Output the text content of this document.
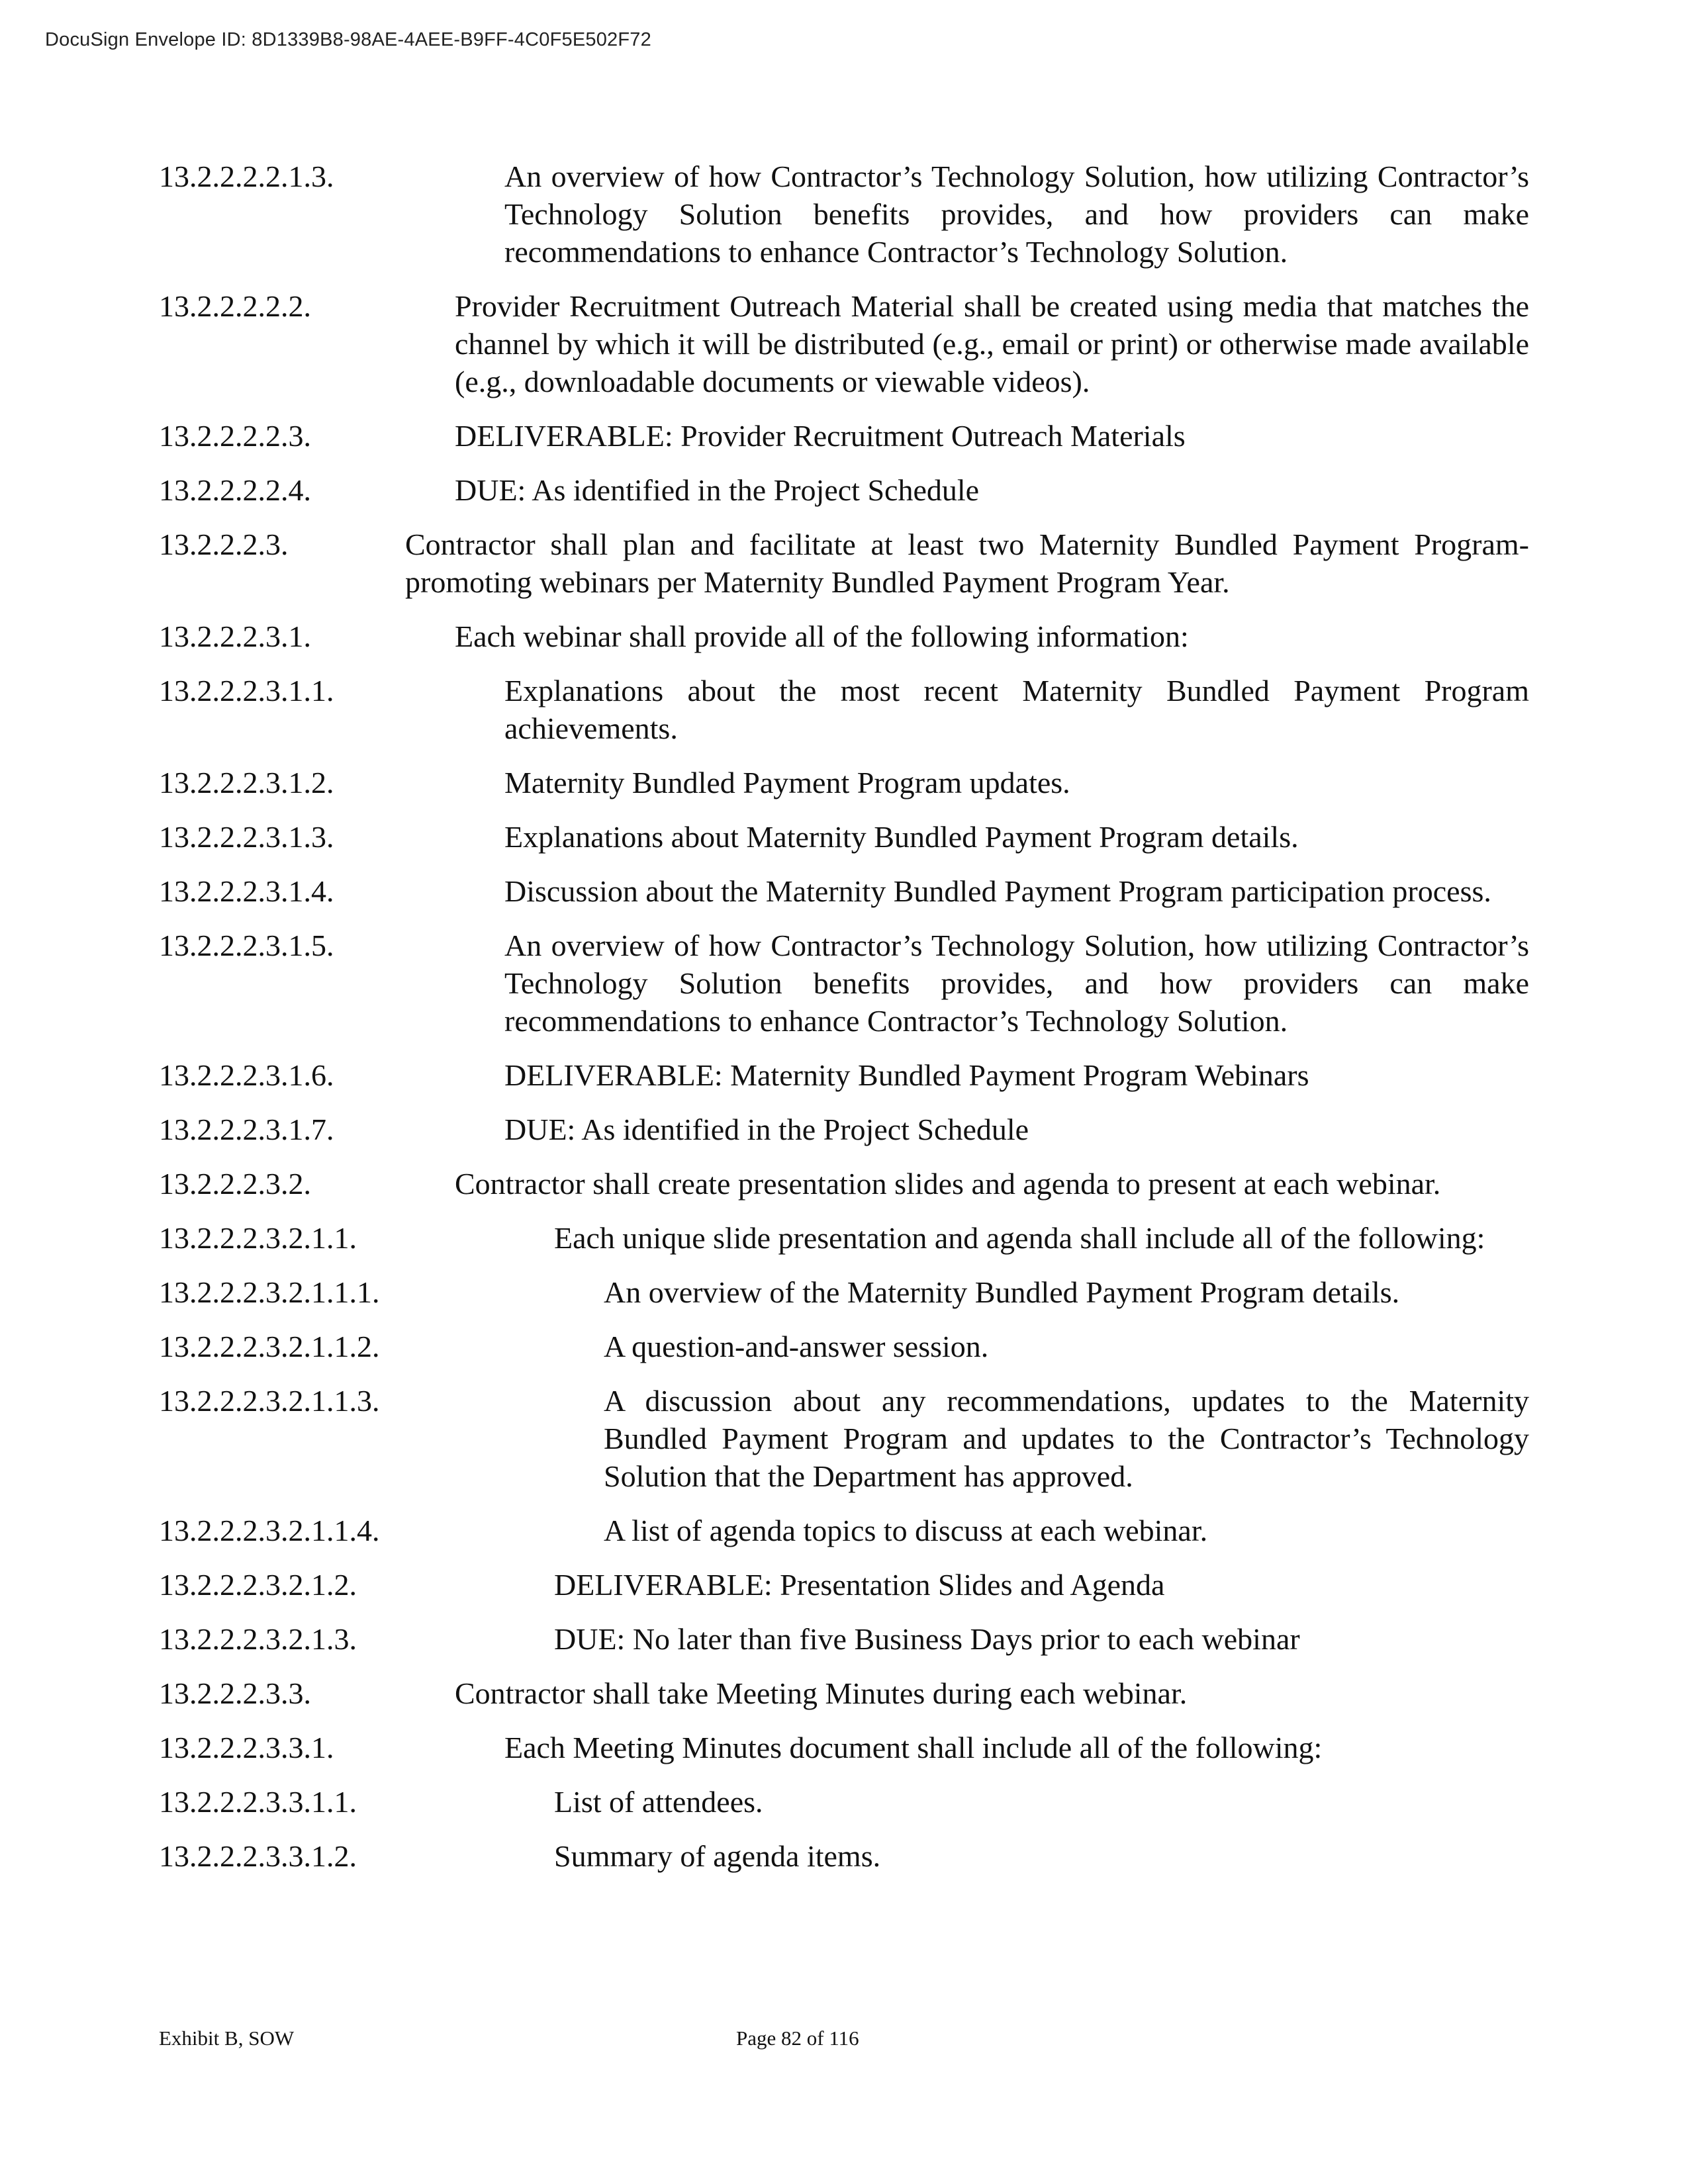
DocuSign Envelope ID: 8D1339B8-98AE-4AEE-B9FF-4C0F5E502F72
13.2.2.2.2.1.3.	An overview of how Contractor’s Technology Solution, how utilizing Contractor’s Technology Solution benefits provides, and how providers can make recommendations to enhance Contractor’s Technology Solution.
13.2.2.2.2.2.	Provider Recruitment Outreach Material shall be created using media that matches the channel by which it will be distributed (e.g., email or print) or otherwise made available (e.g., downloadable documents or viewable videos).
13.2.2.2.2.3.	DELIVERABLE: Provider Recruitment Outreach Materials
13.2.2.2.2.4.	DUE: As identified in the Project Schedule
13.2.2.2.3.	Contractor shall plan and facilitate at least two Maternity Bundled Payment Program-promoting webinars per Maternity Bundled Payment Program Year.
13.2.2.2.3.1.	Each webinar shall provide all of the following information:
13.2.2.2.3.1.1.	Explanations about the most recent Maternity Bundled Payment Program achievements.
13.2.2.2.3.1.2.	Maternity Bundled Payment Program updates.
13.2.2.2.3.1.3.	Explanations about Maternity Bundled Payment Program details.
13.2.2.2.3.1.4.	Discussion about the Maternity Bundled Payment Program participation process.
13.2.2.2.3.1.5.	An overview of how Contractor’s Technology Solution, how utilizing Contractor’s Technology Solution benefits provides, and how providers can make recommendations to enhance Contractor’s Technology Solution.
13.2.2.2.3.1.6.	DELIVERABLE: Maternity Bundled Payment Program Webinars
13.2.2.2.3.1.7.	DUE: As identified in the Project Schedule
13.2.2.2.3.2.	Contractor shall create presentation slides and agenda to present at each webinar.
13.2.2.2.3.2.1.1.	Each unique slide presentation and agenda shall include all of the following:
13.2.2.2.3.2.1.1.1.	An overview of the Maternity Bundled Payment Program details.
13.2.2.2.3.2.1.1.2.	A question-and-answer session.
13.2.2.2.3.2.1.1.3.	A discussion about any recommendations, updates to the Maternity Bundled Payment Program and updates to the Contractor’s Technology Solution that the Department has approved.
13.2.2.2.3.2.1.1.4.	A list of agenda topics to discuss at each webinar.
13.2.2.2.3.2.1.2.	DELIVERABLE: Presentation Slides and Agenda
13.2.2.2.3.2.1.3.	DUE: No later than five Business Days prior to each webinar
13.2.2.2.3.3.	Contractor shall take Meeting Minutes during each webinar.
13.2.2.2.3.3.1.	Each Meeting Minutes document shall include all of the following:
13.2.2.2.3.3.1.1.	List of attendees.
13.2.2.2.3.3.1.2.	Summary of agenda items.
Exhibit B, SOW	Page 82 of 116
